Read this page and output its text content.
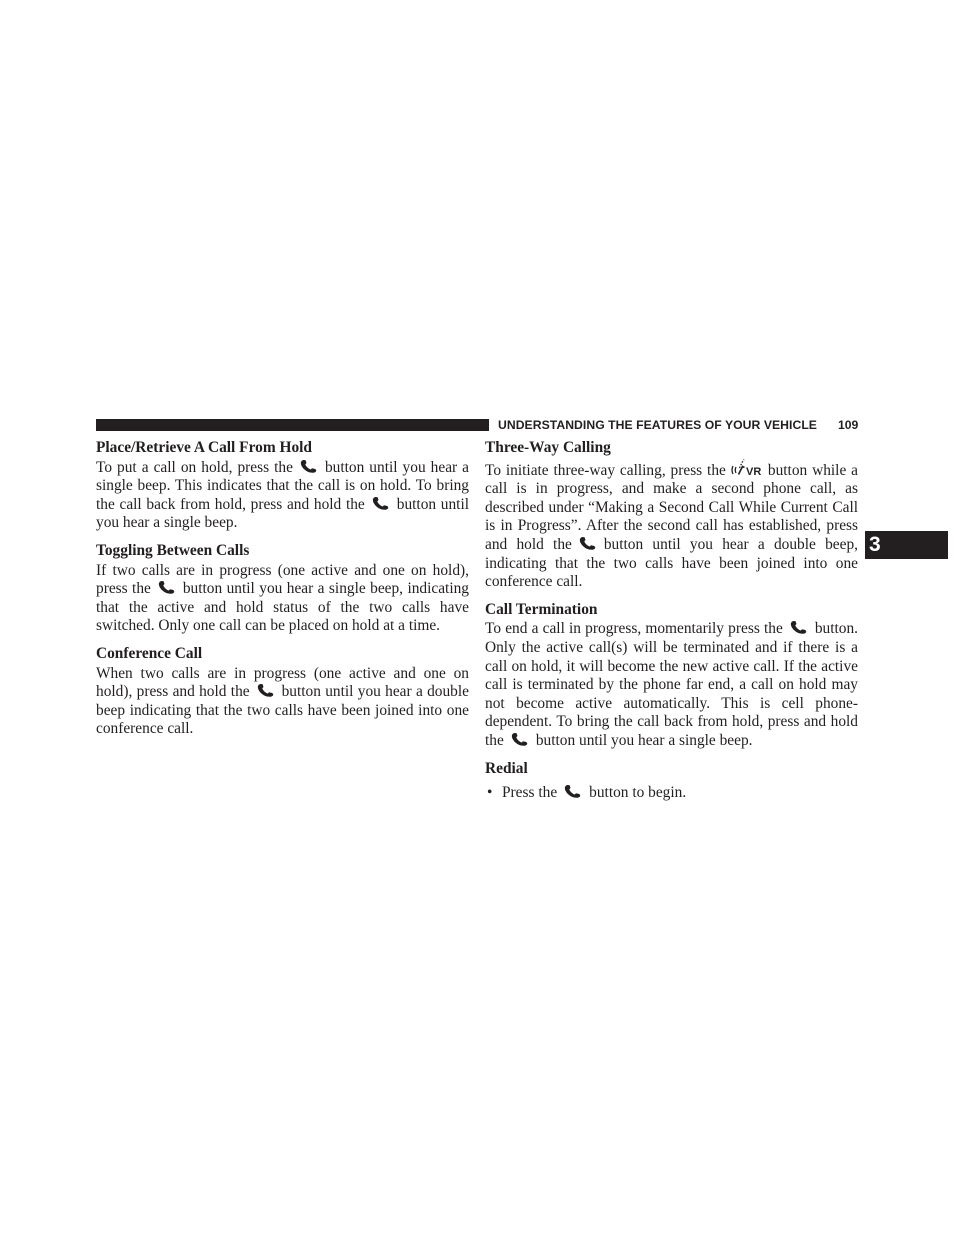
UNDERSTANDING THE FEATURES OF YOUR VEHICLE	109
3
Place/Retrieve A Call From Hold

To put a call on hold, press the button until you hear a single beep. This indicates that the call is on hold. To bring the call back from hold, press and hold the button until you hear a single beep.

Toggling Between Calls

If two calls are in progress (one active and one on hold), press the button until you hear a single beep, indicating that the active and hold status of the two calls have switched. Only one call can be placed on hold at a time.

Conference Call

When two calls are in progress (one active and one on hold), press and hold the button until you hear a double beep indicating that the two calls have been joined into one conference call.

Three-Way Calling

To initiate three-way calling, press the VR button while a call is in progress, and make a second phone call, as described under “Making a Second Call While Current Call is in Progress”. After the second call has established, press and hold the button until you hear a double beep, indicating that the two calls have been joined into one conference call.

Call Termination

To end a call in progress, momentarily press the button. Only the active call(s) will be terminated and if there is a call on hold, it will become the new active call. If the active call is terminated by the phone far end, a call on hold may not become active automatically. This is cell phone-dependent. To bring the call back from hold, press and hold the button until you hear a single beep.

Redial
• Press the button to begin.
